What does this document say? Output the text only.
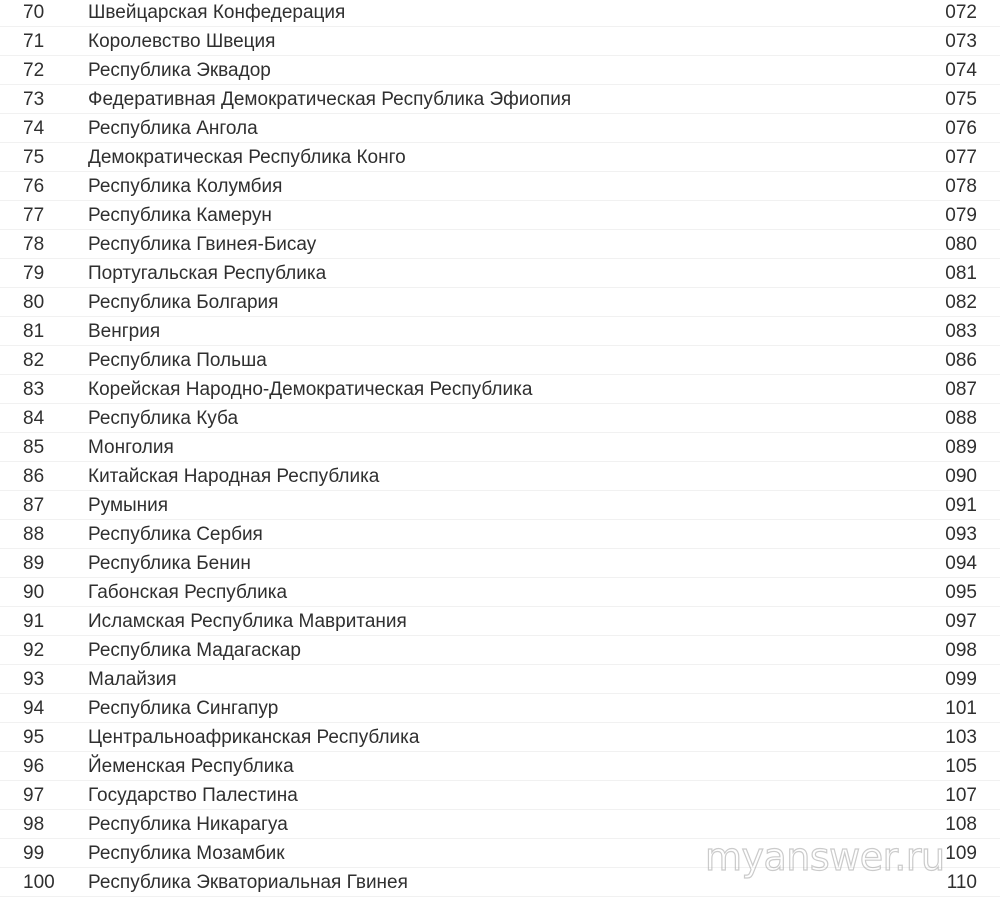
70 Швейцарская Конфедерация	072
71 Королевство Швеция	073
72 Республика Эквадор	074
73 Федеративная Демократическая Республика Эфиопия	075
74 Республика Ангола	076
75 Демократическая Республика Конго	077
76 Республика Колумбия	078
77 Республика Камерун	079
78 Республика Гвинея-Бисау	080
79 Португальская Республика	081
80 Республика Болгария	082
81 Венгрия	083
82 Республика Польша	086
83 Корейская Народно-Демократическая Республика	087
84 Республика Куба	088
85 Монголия	089
86 Китайская Народная Республика	090
87 Румыния	091
88 Республика Сербия	093
89 Республика Бенин	094
90 Габонская Республика	095
91 Исламская Республика Мавритания	097
92 Республика Мадагаскар	098
93 Малайзия	099
94 Республика Сингапур	101
95 Центральноафриканская Республика	103
96 Йеменская Республика	105
97 Государство Палестина	107
98 Республика Никарагуа	108
99 Республика Мозамбик	109
100 Республика Экваториальная Гвинея	110
myanswer.ru
